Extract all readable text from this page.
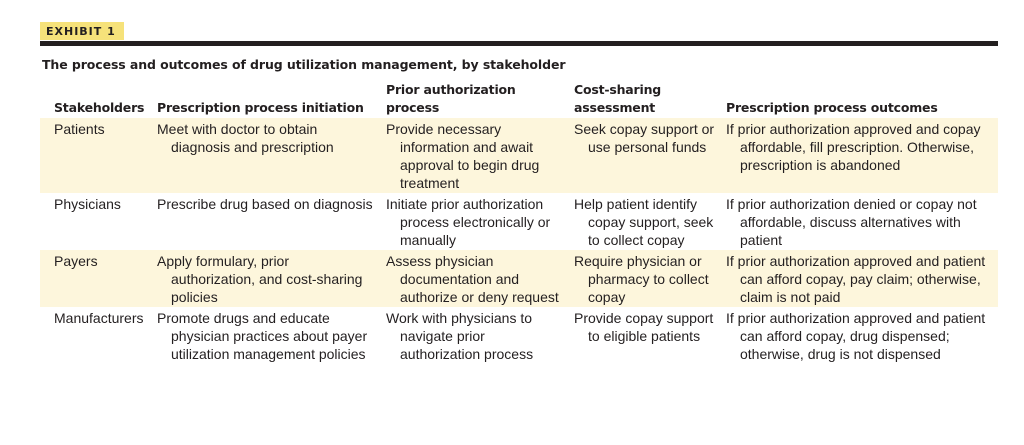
EXHIBIT 1
The process and outcomes of drug utilization management, by stakeholder
Stakeholders	Prescription process initiation	Prior authorization process	Cost-sharing assessment	Prescription process outcomes

Patients	Meet with doctor to obtain diagnosis and prescription	Provide necessary information and await approval to begin drug treatment	Seek copay support or use personal funds	If prior authorization approved and copay affordable, fill prescription. Otherwise, prescription is abandoned

Physicians	Prescribe drug based on diagnosis	Initiate prior authorization process electronically or manually	Help patient identify copay support, seek to collect copay	If prior authorization denied or copay not affordable, discuss alternatives with patient

Payers	Apply formulary, prior authorization, and cost-sharing policies	Assess physician documentation and authorize or deny request	Require physician or pharmacy to collect copay	If prior authorization approved and patient can afford copay, pay claim; otherwise, claim is not paid

Manufacturers	Promote drugs and educate physician practices about payer utilization management policies	Work with physicians to navigate prior authorization process	Provide copay support to eligible patients	If prior authorization approved and patient can afford copay, drug dispensed; otherwise, drug is not dispensed
